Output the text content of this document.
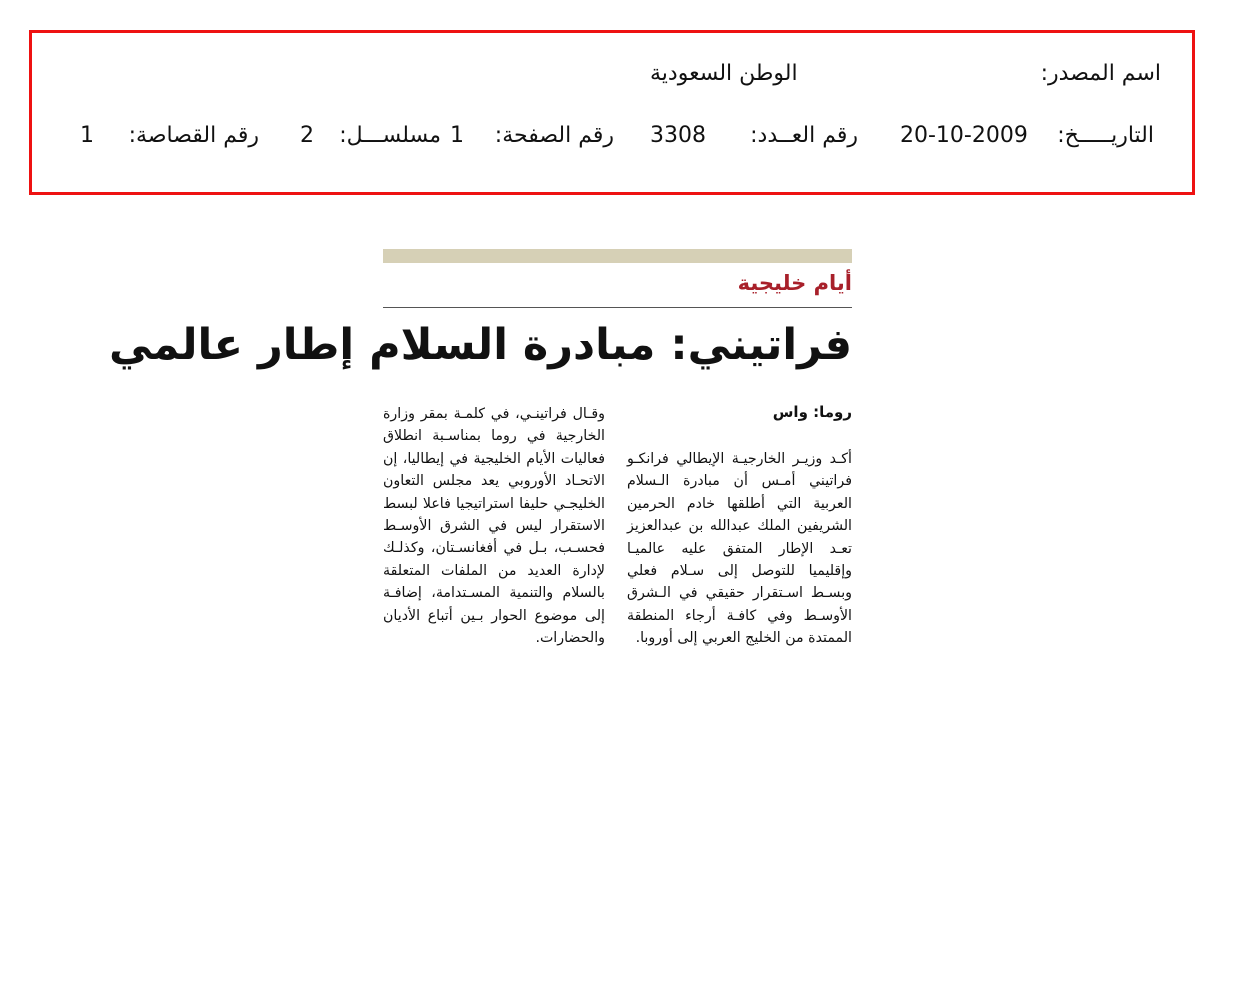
اسم المصدر:
الوطن السعودية
التاريـــــخ:
20-10-2009
رقم العــدد:
3308
رقم الصفحة:
1
مسلســـل:
2
رقم القصاصة:
1
أيام خليجية
فراتيني: مبادرة السلام إطار عالمي
روما: واس
أكـد وزيـر الخارجيـة الإيطالي فرانكـو فراتيني أمـس أن مبادرة الـسلام العربية التي أطلقها خادم الحرمين الشريفين الملك عبدالله بن عبدالعزيز تعـد الإطار المتفق عليه عالميـا وإقليميا للتوصل إلى سـلام فعلي وبسـط اسـتقرار حقيقي في الـشرق الأوسـط وفي كافـة أرجاء المنطقة الممتدة من الخليج العربي إلى أوروبا.
وقـال فراتينـي، في كلمـة بمقر وزارة الخارجية في روما بمناسـبة انطلاق فعاليات الأيام الخليجية في إيطاليا، إن الاتحـاد الأوروبي يعد مجلس التعاون الخليجـي حليفا استراتيجيا فاعلا لبسط الاستقرار ليس في الشرق الأوسـط فحسـب، بـل في أفغانسـتان، وكذلـك لإدارة العديد من الملفات المتعلقة بالسلام والتنمية المسـتدامة، إضافـة إلى موضوع الحوار بـين أتباع الأديان والحضارات.
